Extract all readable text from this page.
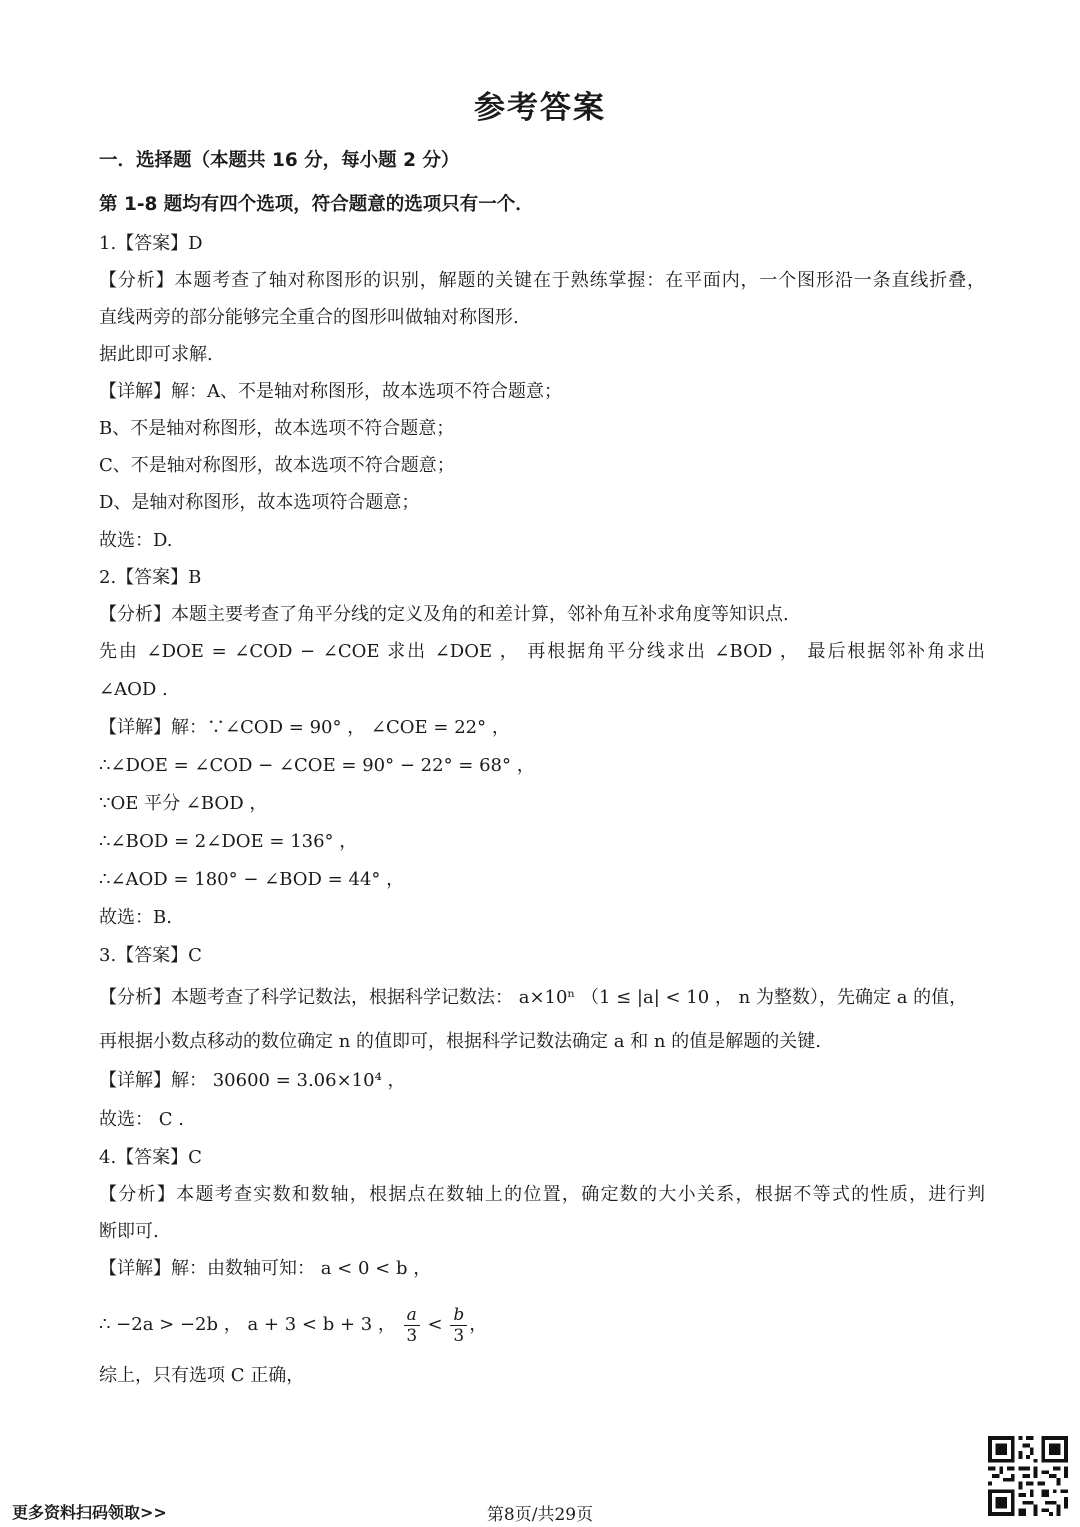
参考答案
一．选择题（本题共 16 分，每小题 2 分）
第 1-8 题均有四个选项，符合题意的选项只有一个．
1.【答案】D
【分析】本题考查了轴对称图形的识别，解题的关键在于熟练掌握：在平面内，一个图形沿一条直线折叠，
直线两旁的部分能够完全重合的图形叫做轴对称图形.
据此即可求解.
【详解】解：A、不是轴对称图形，故本选项不符合题意；
B、不是轴对称图形，故本选项不符合题意；
C、不是轴对称图形，故本选项不符合题意；
D、是轴对称图形，故本选项符合题意；
故选：D.
2.【答案】B
【分析】本题主要考查了角平分线的定义及角的和差计算，邻补角互补求角度等知识点.
先由 ∠DOE = ∠COD − ∠COE 求出 ∠DOE ， 再根据角平分线求出 ∠BOD ， 最后根据邻补角求出
∠AOD .
【详解】解：∵∠COD = 90° ， ∠COE = 22° ，
∴∠DOE = ∠COD − ∠COE = 90° − 22° = 68° ，
∵OE 平分 ∠BOD ，
∴∠BOD = 2∠DOE = 136° ，
∴∠AOD = 180° − ∠BOD = 44° ，
故选：B.
3.【答案】C
【分析】本题考查了科学记数法，根据科学记数法： a×10ⁿ （1 ≤ |a| < 10 ， n 为整数），先确定 a 的值，
再根据小数点移动的数位确定 n 的值即可，根据科学记数法确定 a 和 n 的值是解题的关键.
【详解】解： 30600 = 3.06×10⁴ ，
故选： C .
4.【答案】C
【分析】本题考查实数和数轴，根据点在数轴上的位置，确定数的大小关系，根据不等式的性质，进行判
断即可.
【详解】解：由数轴可知： a < 0 < b ，
∴ −2a > −2b ， a + 3 < b + 3 ， $\frac{a}{3} < \frac{b}{3}$ ，
综上，只有选项 C 正确，
更多资料扫码领取>>	第8页/共29页
